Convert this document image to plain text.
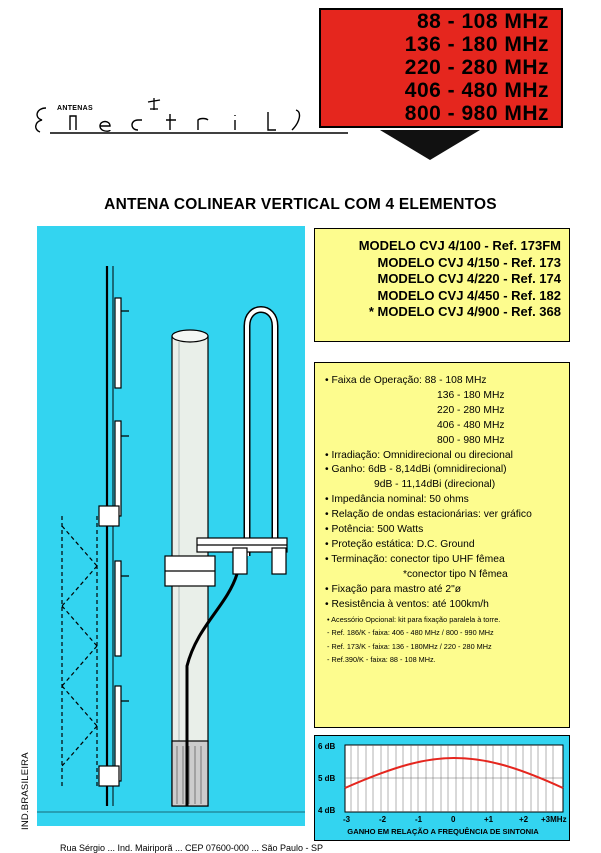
88 - 108 MHz
136 - 180 MHz
220 - 280 MHz
406 - 480 MHz
800 - 980 MHz
ANTENAS
ANTENA COLINEAR VERTICAL COM 4 ELEMENTOS
MODELO CVJ 4/100 - Ref. 173FM
MODELO CVJ 4/150 - Ref. 173
MODELO CVJ 4/220 - Ref. 174
MODELO CVJ 4/450 - Ref. 182
* MODELO CVJ 4/900 - Ref. 368
• Faixa de Operação: 88 - 108 MHz
136 - 180 MHz
220 - 280 MHz
406 - 480 MHz
800 - 980 MHz
• Irradiação: Omnidirecional ou direcional
• Ganho: 6dB - 8,14dBi (omnidirecional)
9dB - 11,14dBi (direcional)
• Impedância nominal: 50 ohms
• Relação de ondas estacionárias: ver gráfico
• Potência: 500 Watts
• Proteção estática: D.C. Ground
• Terminação: conector tipo UHF fêmea
*conector tipo N fêmea
• Fixação para mastro até 2"ø
• Resistência à ventos: até 100km/h
• Acessório Opcional: kit para fixação paralela à torre.
- Ref. 186/K - faixa: 406 - 480 MHz / 800 - 990 MHz
- Ref. 173/K - faixa: 136 - 180MHz / 220 - 280 MHz
- Ref.390/K - faixa: 88 - 108 MHz.
6 dB
5 dB
4 dB
-3	-2	-1	0	+1	+2 +3MHz
GANHO EM RELAÇÃO A FREQUÊNCIA DE SINTONIA
IND.BRASILEIRA
Rua Sérgio ... Ind. Mairiporã ... CEP 07600-000 ... São Paulo - SP
